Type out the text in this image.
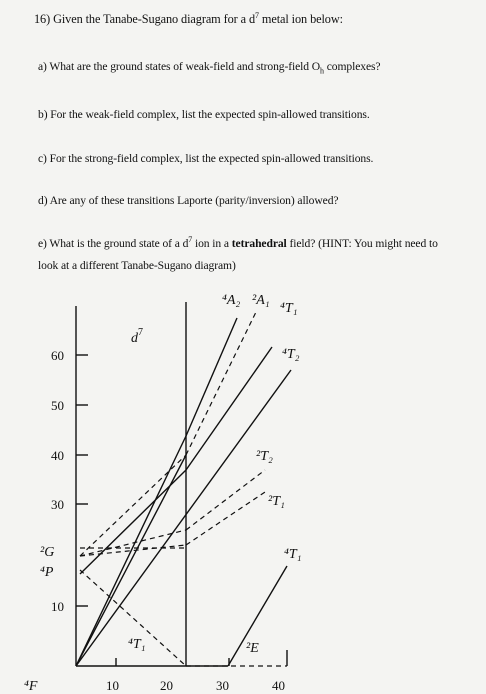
16) Given the Tanabe-Sugano diagram for a $d^7$ metal ion below:
a) What are the ground states of weak-field and strong-field $O_h$ complexes?
b) For the weak-field complex, list the expected spin-allowed transitions.
c) For the strong-field complex, list the expected spin-allowed transitions.
d) Are any of these transitions Laporte (parity/inversion) allowed?
e) What is the ground state of a $d^7$ ion in a tetrahedral field? (HINT: You might need to
look at a different Tanabe-Sugano diagram)
60
50
40
30
10
10	20	30	40
$d^7$
²G
⁴P
⁴F
⁴A₂ ²A₁
⁴T₁
⁴T₂
²T₂
²T₁
⁴T₁
²E
⁴T₁
